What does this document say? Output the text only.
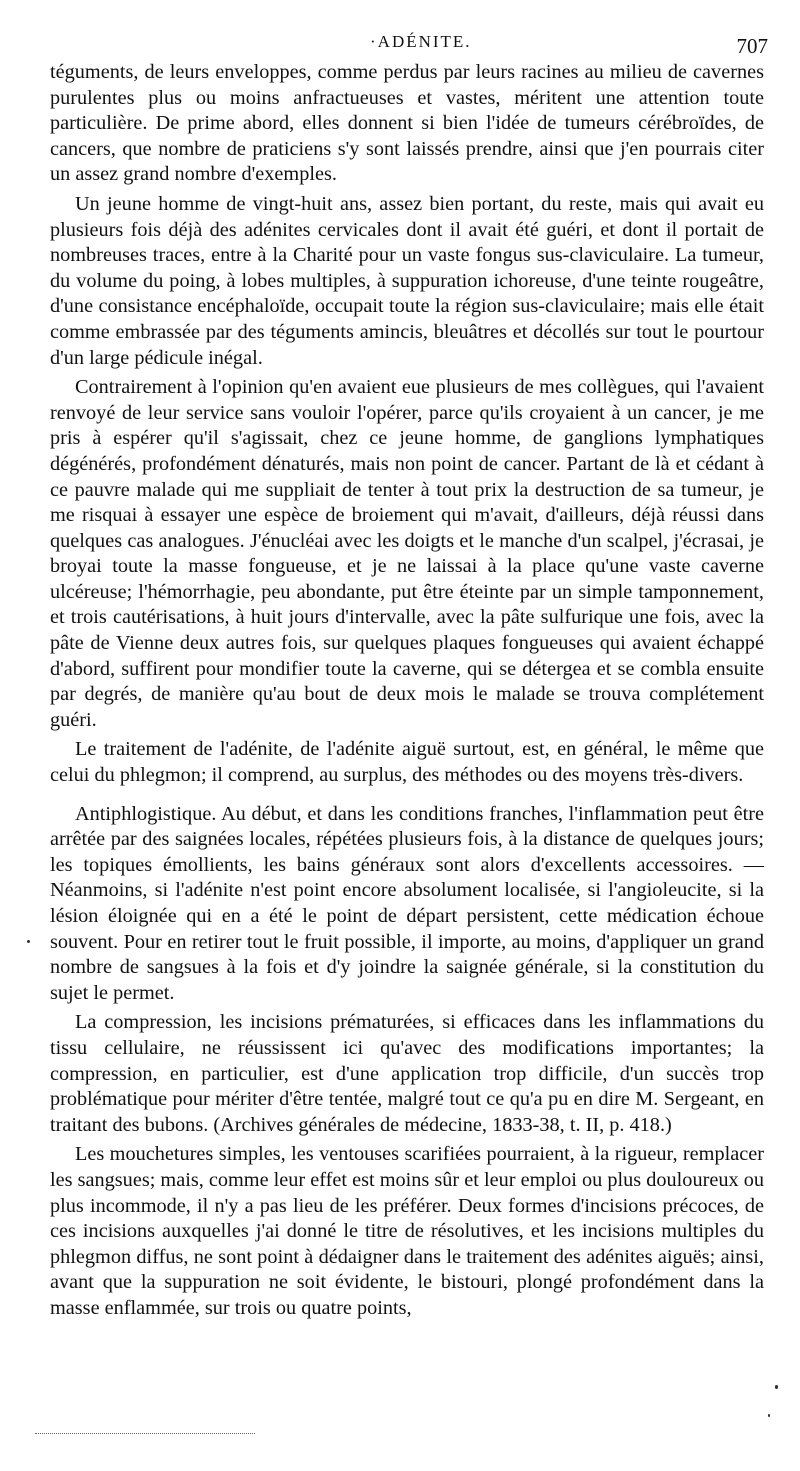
·ADÉNITE.	707

téguments, de leurs enveloppes, comme perdus par leurs racines au milieu de cavernes purulentes plus ou moins anfractueuses et vastes, méritent une attention toute particulière. De prime abord, elles donnent si bien l'idée de tumeurs cérébroïdes, de cancers, que nombre de praticiens s'y sont laissés prendre, ainsi que j'en pourrais citer un assez grand nombre d'exemples.

Un jeune homme de vingt-huit ans, assez bien portant, du reste, mais qui avait eu plusieurs fois déjà des adénites cervicales dont il avait été guéri, et dont il portait de nombreuses traces, entre à la Charité pour un vaste fongus sus-claviculaire. La tumeur, du volume du poing, à lobes multiples, à suppuration ichoreuse, d'une teinte rougeâtre, d'une consistance encéphaloïde, occupait toute la région sus-claviculaire; mais elle était comme embrassée par des téguments amincis, bleuâtres et décollés sur tout le pourtour d'un large pédicule inégal.

Contrairement à l'opinion qu'en avaient eue plusieurs de mes collègues, qui l'avaient renvoyé de leur service sans vouloir l'opérer, parce qu'ils croyaient à un cancer, je me pris à espérer qu'il s'agissait, chez ce jeune homme, de ganglions lymphatiques dégénérés, profondément dénaturés, mais non point de cancer. Partant de là et cédant à ce pauvre malade qui me suppliait de tenter à tout prix la destruction de sa tumeur, je me risquai à essayer une espèce de broiement qui m'avait, d'ailleurs, déjà réussi dans quelques cas analogues. J'énucléai avec les doigts et le manche d'un scalpel, j'écrasai, je broyai toute la masse fongueuse, et je ne laissai à la place qu'une vaste caverne ulcéreuse; l'hémorrhagie, peu abondante, put être éteinte par un simple tamponnement, et trois cautérisations, à huit jours d'intervalle, avec la pâte sulfurique une fois, avec la pâte de Vienne deux autres fois, sur quelques plaques fongueuses qui avaient échappé d'abord, suffirent pour mondifier toute la caverne, qui se détergea et se combla ensuite par degrés, de manière qu'au bout de deux mois le malade se trouva complétement guéri.

Le traitement de l'adénite, de l'adénite aiguë surtout, est, en général, le même que celui du phlegmon; il comprend, au surplus, des méthodes ou des moyens très-divers.

Antiphlogistique. Au début, et dans les conditions franches, l'inflammation peut être arrêtée par des saignées locales, répétées plusieurs fois, à la distance de quelques jours; les topiques émollients, les bains généraux sont alors d'excellents accessoires. — Néanmoins, si l'adénite n'est point encore absolument localisée, si l'angioleucite, si la lésion éloignée qui en a été le point de départ persistent, cette médication échoue souvent. Pour en retirer tout le fruit possible, il importe, au moins, d'appliquer un grand nombre de sangsues à la fois et d'y joindre la saignée générale, si la constitution du sujet le permet.

La compression, les incisions prématurées, si efficaces dans les inflammations du tissu cellulaire, ne réussissent ici qu'avec des modifications importantes; la compression, en particulier, est d'une application trop difficile, d'un succès trop problématique pour mériter d'être tentée, malgré tout ce qu'a pu en dire M. Sergeant, en traitant des bubons. (Archives générales de médecine, 1833-38, t. II, p. 418.)

Les mouchetures simples, les ventouses scarifiées pourraient, à la rigueur, remplacer les sangsues; mais, comme leur effet est moins sûr et leur emploi ou plus douloureux ou plus incommode, il n'y a pas lieu de les préférer. Deux formes d'incisions précoces, de ces incisions auxquelles j'ai donné le titre de résolutives, et les incisions multiples du phlegmon diffus, ne sont point à dédaigner dans le traitement des adénites aiguës; ainsi, avant que la suppuration ne soit évidente, le bistouri, plongé profondément dans la masse enflammée, sur trois ou quatre points,
